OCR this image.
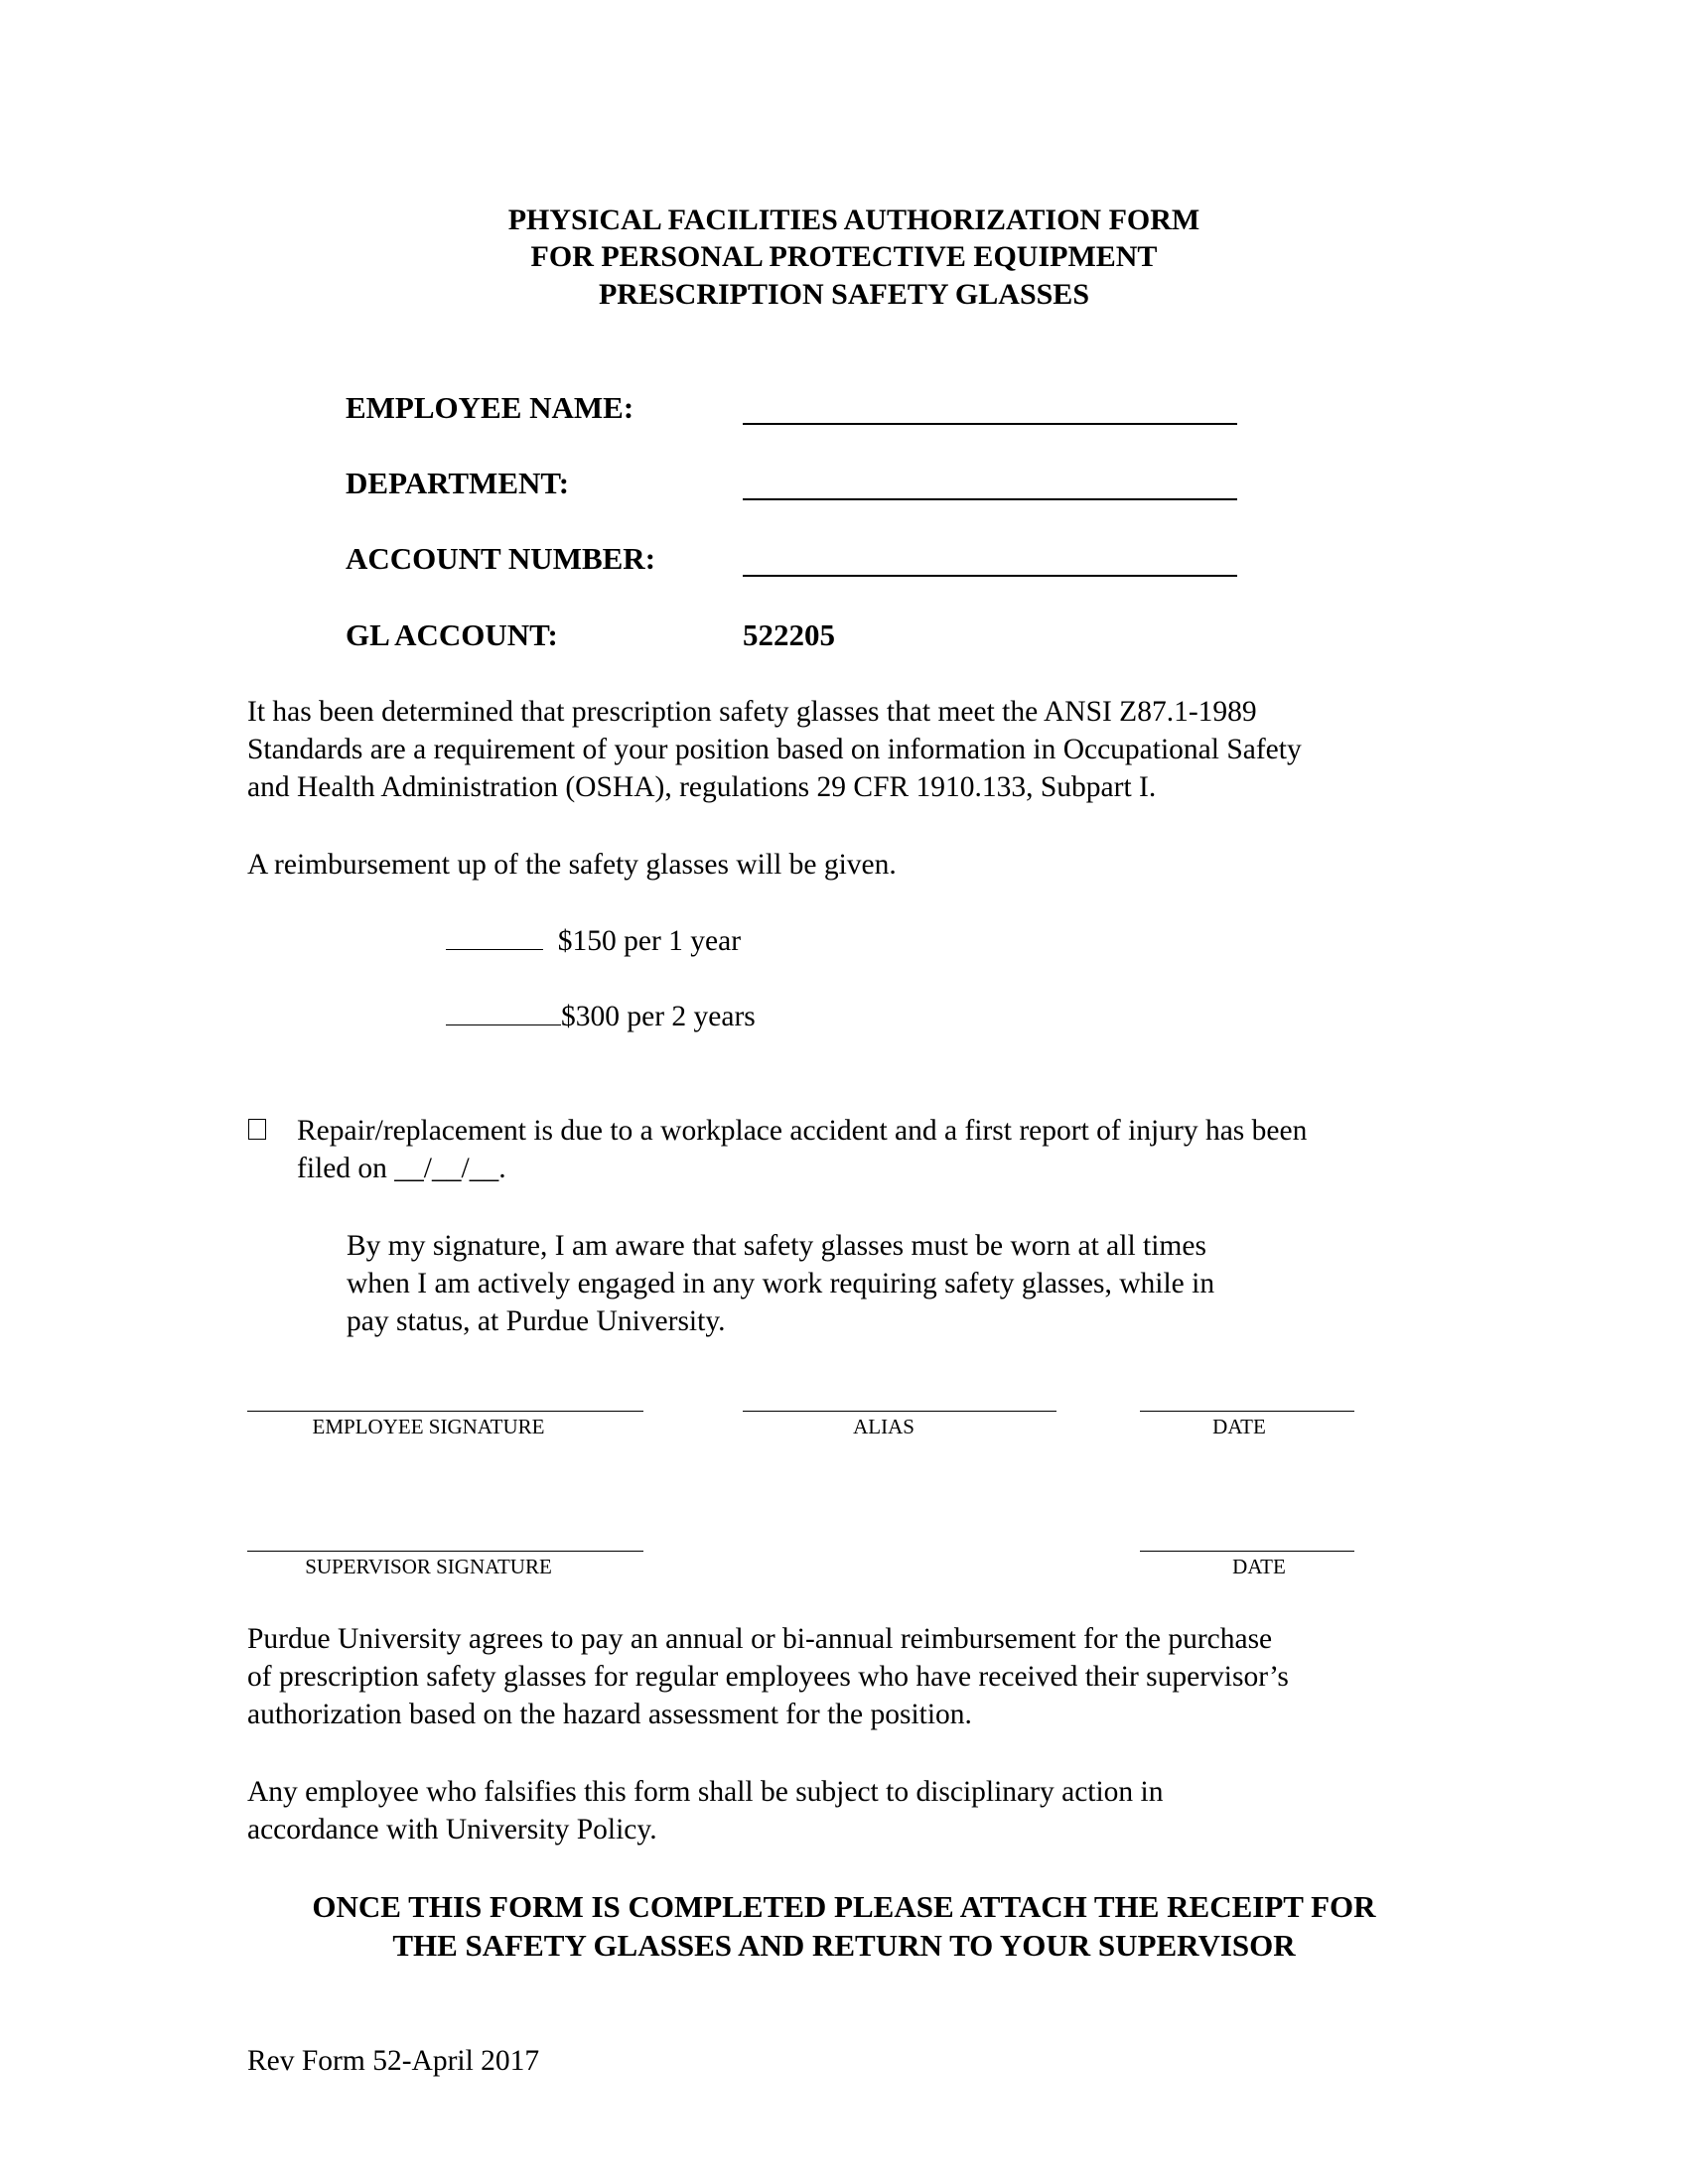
PHYSICAL FACILITIES AUTHORIZATION FORM
FOR PERSONAL PROTECTIVE EQUIPMENT
PRESCRIPTION SAFETY GLASSES
EMPLOYEE NAME:
DEPARTMENT:
ACCOUNT NUMBER:
GL ACCOUNT:	522205
It has been determined that prescription safety glasses that meet the ANSI Z87.1-1989
Standards are a requirement of your position based on information in Occupational Safety
and Health Administration (OSHA), regulations 29 CFR 1910.133, Subpart I.
A reimbursement up of the safety glasses will be given.
$150 per 1 year
$300 per 2 years
Repair/replacement is due to a workplace accident and a first report of injury has been
filed on __/__/__.
By my signature, I am aware that safety glasses must be worn at all times
when I am actively engaged in any work requiring safety glasses, while in
pay status, at Purdue University.
EMPLOYEE SIGNATURE	ALIAS	DATE
SUPERVISOR SIGNATURE	DATE
Purdue University agrees to pay an annual or bi-annual reimbursement for the purchase
of prescription safety glasses for regular employees who have received their supervisor’s
authorization based on the hazard assessment for the position.
Any employee who falsifies this form shall be subject to disciplinary action in
accordance with University Policy.
ONCE THIS FORM IS COMPLETED PLEASE ATTACH THE RECEIPT FOR
THE SAFETY GLASSES AND RETURN TO YOUR SUPERVISOR
Rev Form 52-April 2017
